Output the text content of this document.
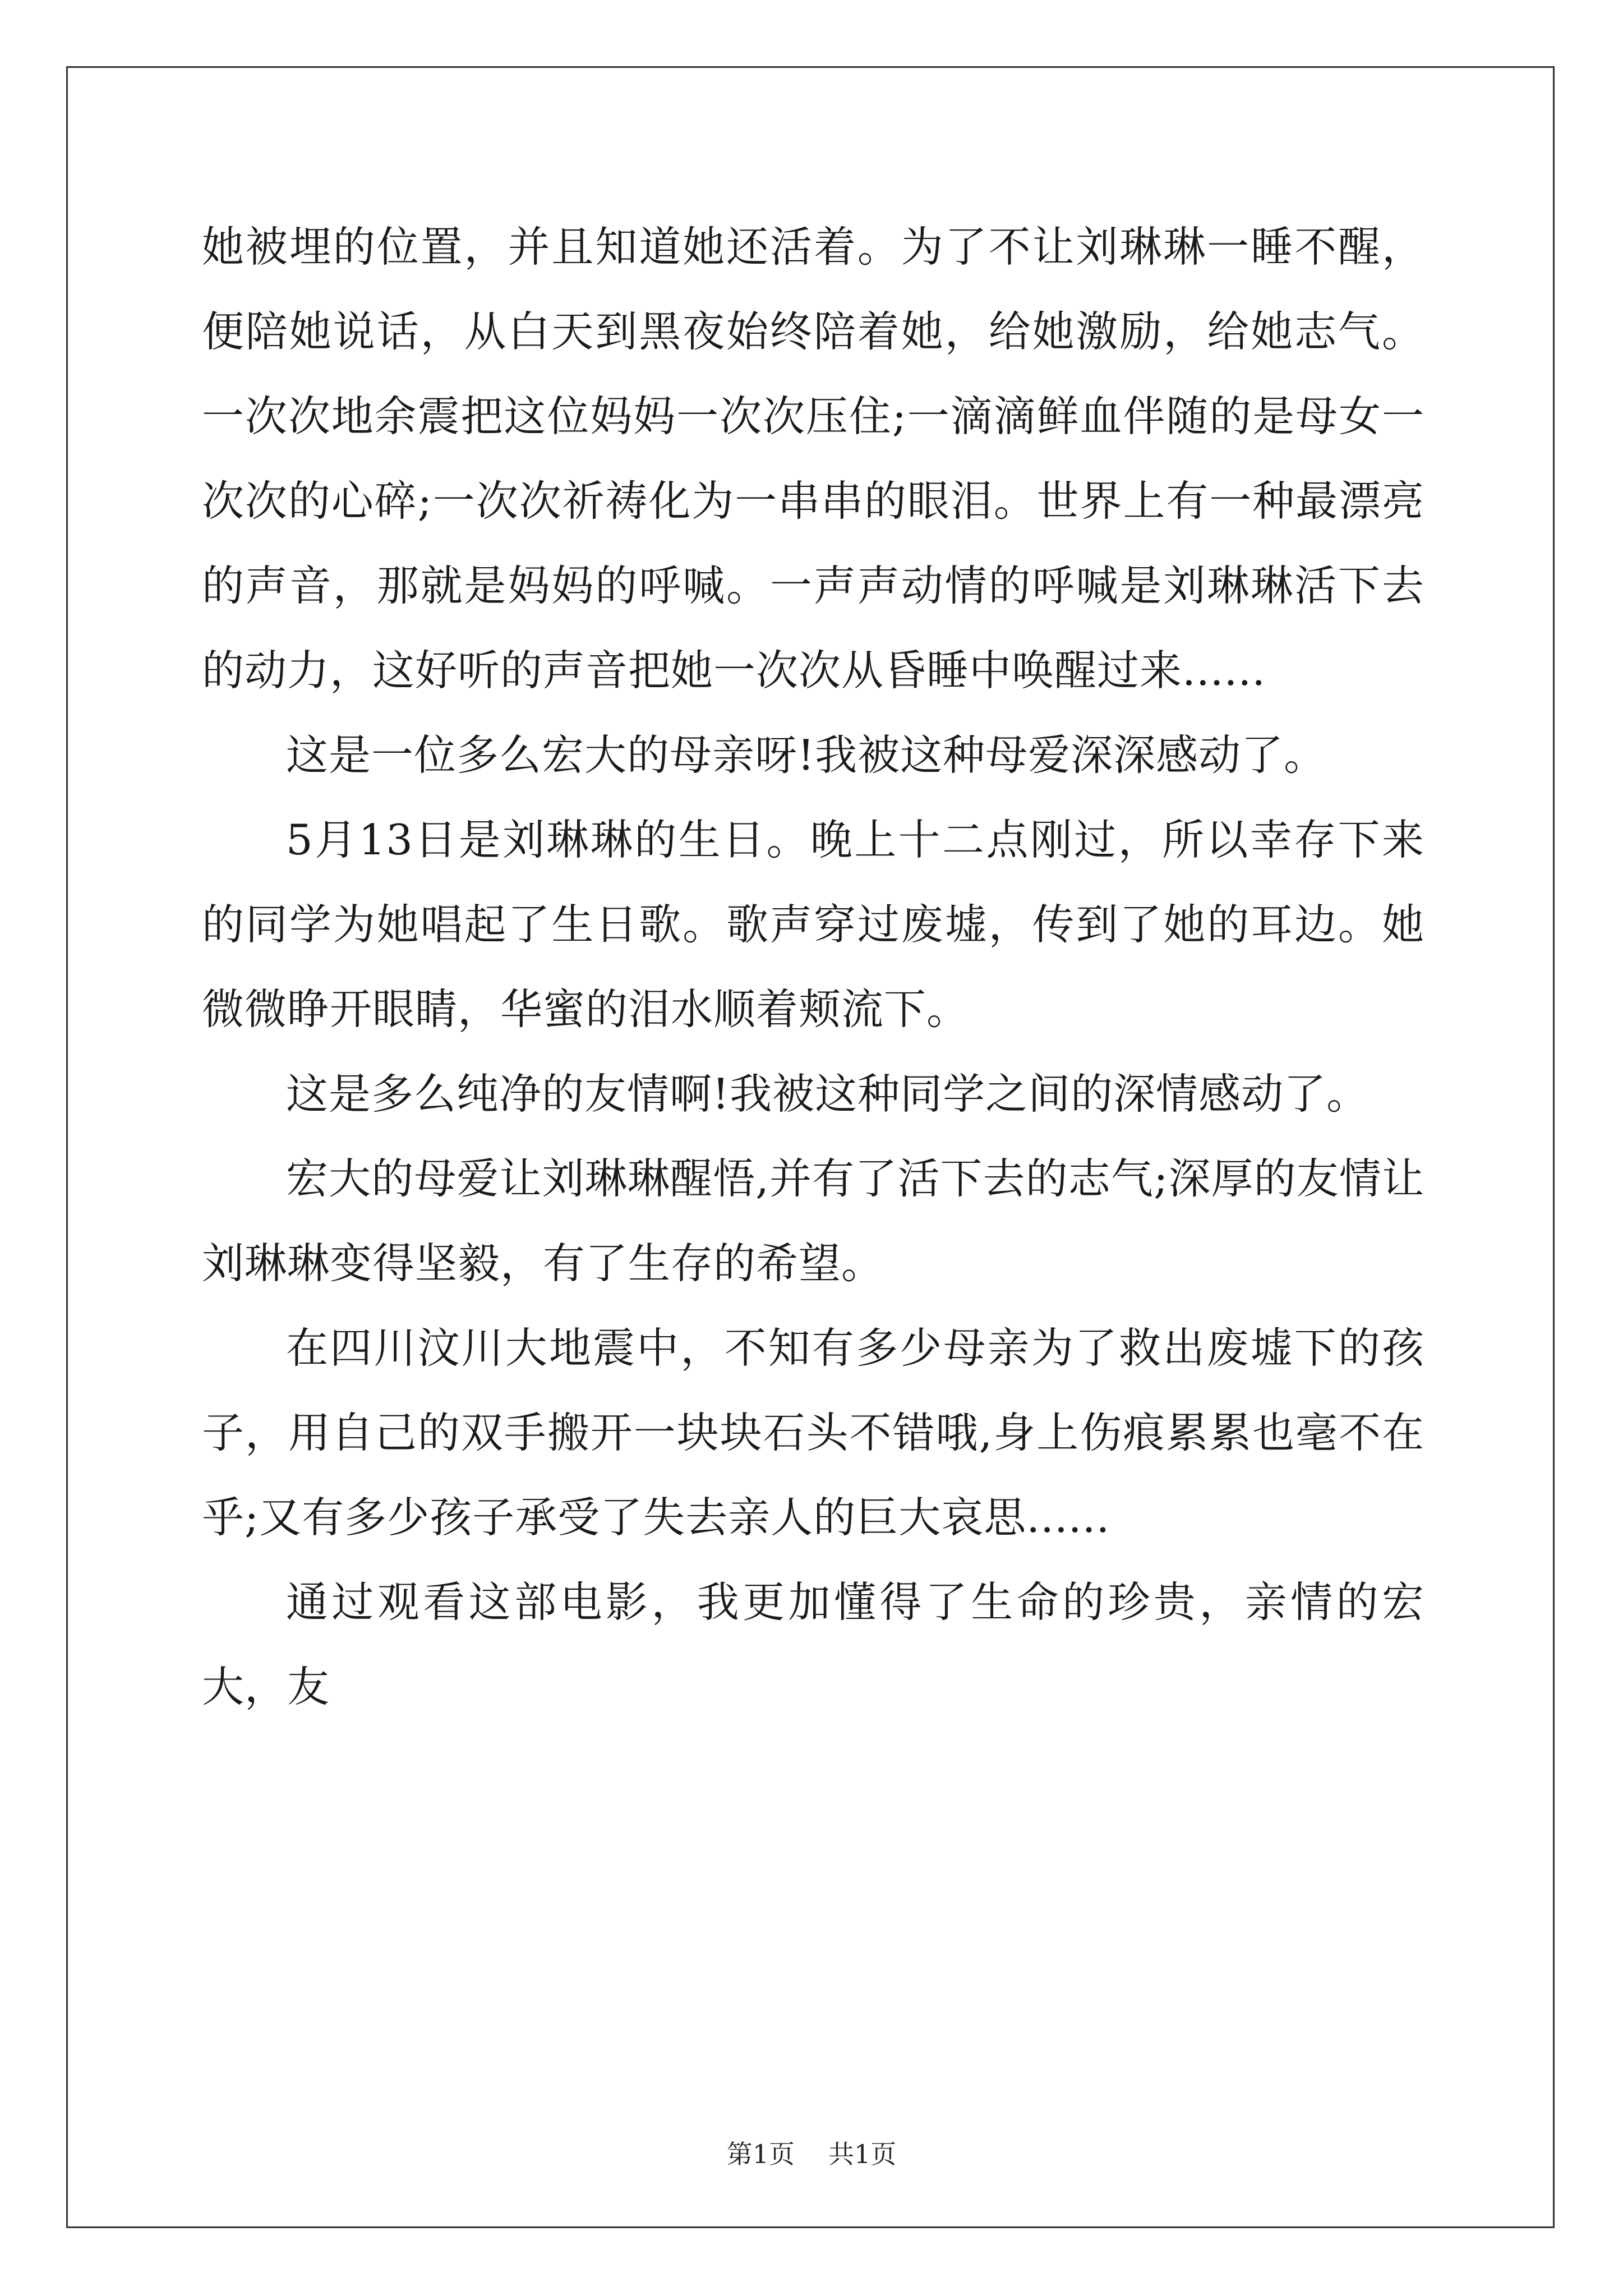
她被埋的位置，并且知道她还活着。为了不让刘琳琳一睡不醒，便陪她说话，从白天到黑夜始终陪着她，给她激励，给她志气。一次次地余震把这位妈妈一次次压住;一滴滴鲜血伴随的是母女一次次的心碎;一次次祈祷化为一串串的眼泪。世界上有一种最漂亮的声音，那就是妈妈的呼喊。一声声动情的呼喊是刘琳琳活下去的动力，这好听的声音把她一次次从昏睡中唤醒过来......

这是一位多么宏大的母亲呀!我被这种母爱深深感动了。

5月13日是刘琳琳的生日。晚上十二点刚过，所以幸存下来的同学为她唱起了生日歌。歌声穿过废墟，传到了她的耳边。她微微睁开眼睛，华蜜的泪水顺着颊流下。

这是多么纯净的友情啊!我被这种同学之间的深情感动了。

宏大的母爱让刘琳琳醒悟,并有了活下去的志气;深厚的友情让刘琳琳变得坚毅，有了生存的希望。

在四川汶川大地震中，不知有多少母亲为了救出废墟下的孩子，用自己的双手搬开一块块石头不错哦,身上伤痕累累也毫不在乎;又有多少孩子承受了失去亲人的巨大哀思......

通过观看这部电影，我更加懂得了生命的珍贵，亲情的宏大，友

第1页 共1页
